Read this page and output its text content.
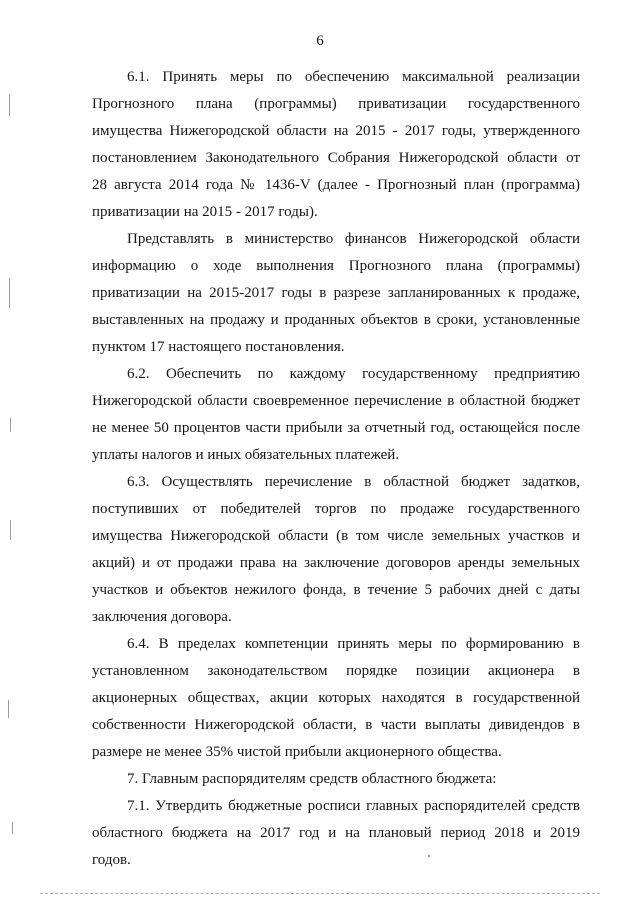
6
6.1. Принять меры по обеспечению максимальной реализации
Прогнозного плана (программы) приватизации государственного
имущества Нижегородской области на 2015 - 2017 годы, утвержденного
постановлением Законодательного Собрания Нижегородской области от
28 августа 2014 года № 1436-V (далее - Прогнозный план (программа)
приватизации на 2015 - 2017 годы).
Представлять в министерство финансов Нижегородской области
информацию о ходе выполнения Прогнозного плана (программы)
приватизации на 2015-2017 годы в разрезе запланированных к продаже,
выставленных на продажу и проданных объектов в сроки, установленные
пунктом 17 настоящего постановления.
6.2. Обеспечить по каждому государственному предприятию
Нижегородской области своевременное перечисление в областной бюджет
не менее 50 процентов части прибыли за отчетный год, остающейся после
уплаты налогов и иных обязательных платежей.
6.3. Осуществлять перечисление в областной бюджет задатков,
поступивших от победителей торгов по продаже государственного
имущества Нижегородской области (в том числе земельных участков и
акций) и от продажи права на заключение договоров аренды земельных
участков и объектов нежилого фонда, в течение 5 рабочих дней с даты
заключения договора.
6.4. В пределах компетенции принять меры по формированию в
установленном законодательством порядке позиции акционера в
акционерных обществах, акции которых находятся в государственной
собственности Нижегородской области, в части выплаты дивидендов в
размере не менее 35% чистой прибыли акционерного общества.
7. Главным распорядителям средств областного бюджета:
7.1. Утвердить бюджетные росписи главных распорядителей средств
областного бюджета на 2017 год и на плановый период 2018 и 2019
годов.
